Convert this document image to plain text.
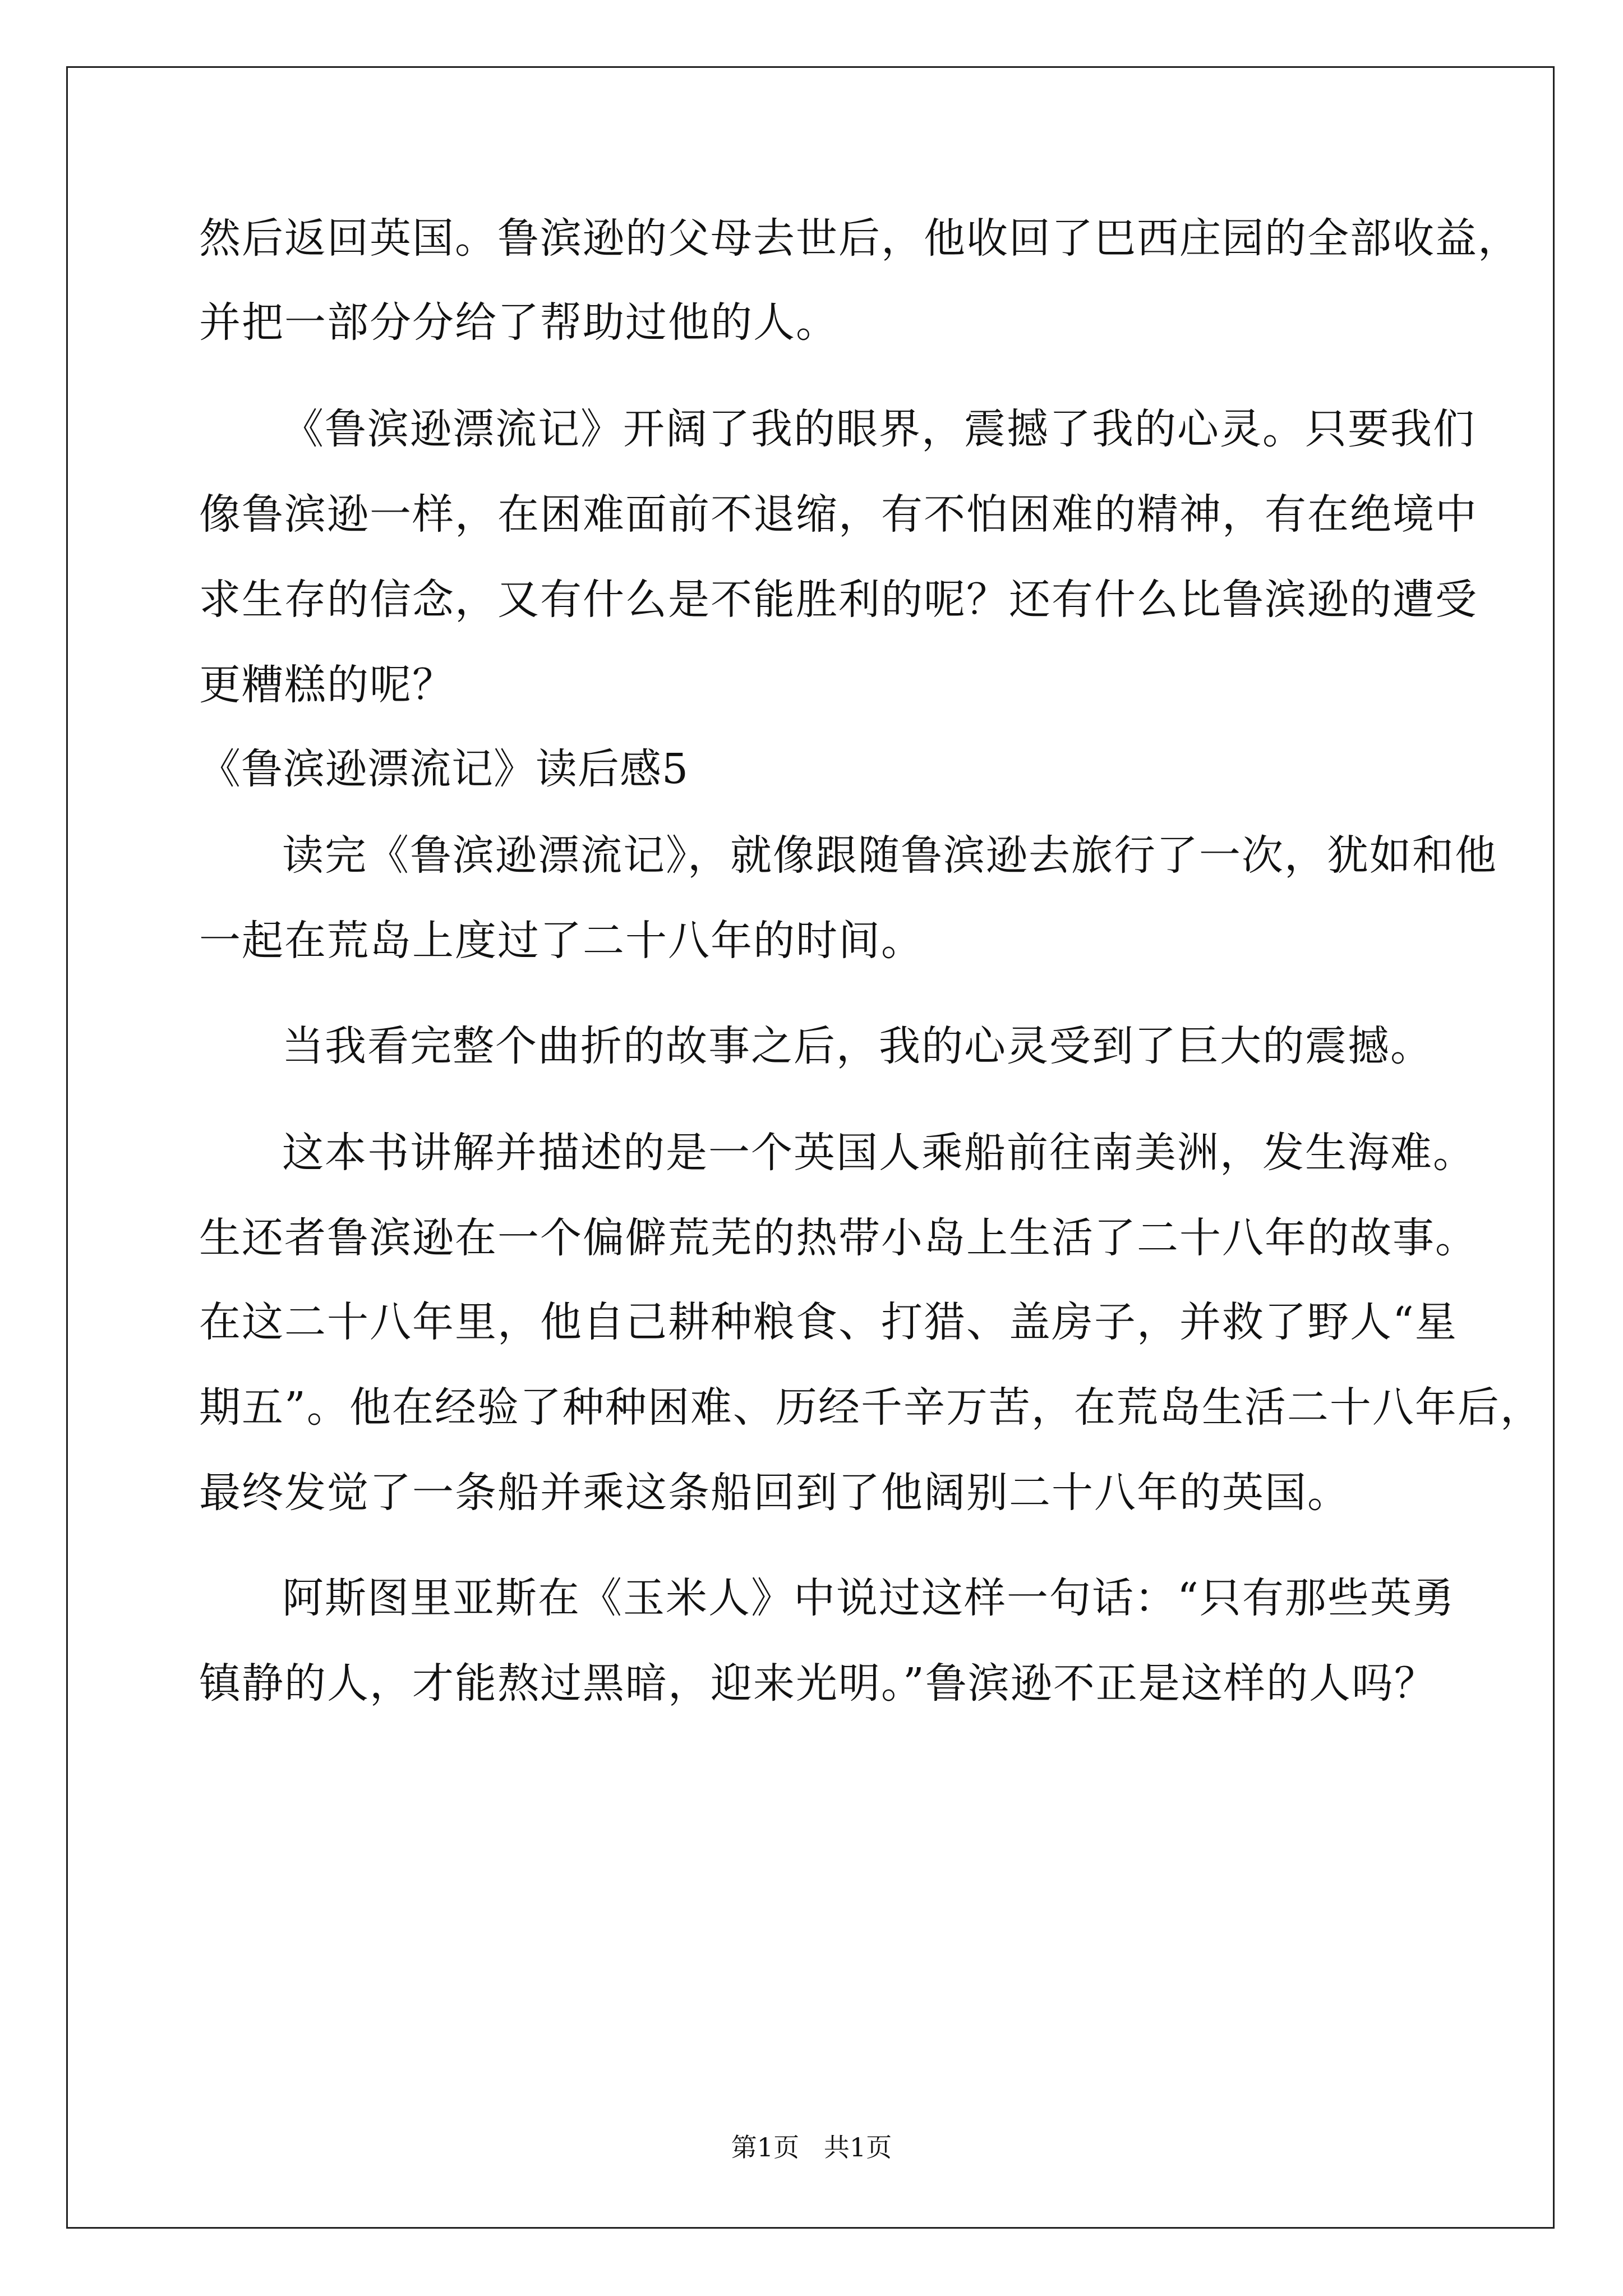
然后返回英国。鲁滨逊的父母去世后，他收回了巴西庄园的全部收益，
并把一部分分给了帮助过他的人。
《鲁滨逊漂流记》开阔了我的眼界，震撼了我的心灵。只要我们
像鲁滨逊一样，在困难面前不退缩，有不怕困难的精神，有在绝境中
求生存的信念，又有什么是不能胜利的呢？还有什么比鲁滨逊的遭受
更糟糕的呢？
《鲁滨逊漂流记》读后感5
读完《鲁滨逊漂流记》，就像跟随鲁滨逊去旅行了一次，犹如和他
一起在荒岛上度过了二十八年的时间。
当我看完整个曲折的故事之后，我的心灵受到了巨大的震撼。
这本书讲解并描述的是一个英国人乘船前往南美洲，发生海难。
生还者鲁滨逊在一个偏僻荒芜的热带小岛上生活了二十八年的故事。
在这二十八年里，他自己耕种粮食、打猎、盖房子，并救了野人“星
期五”。他在经验了种种困难、历经千辛万苦，在荒岛生活二十八年后，
最终发觉了一条船并乘这条船回到了他阔别二十八年的英国。
阿斯图里亚斯在《玉米人》中说过这样一句话：“只有那些英勇
镇静的人，才能熬过黑暗，迎来光明。”鲁滨逊不正是这样的人吗？
第1页   共1页
